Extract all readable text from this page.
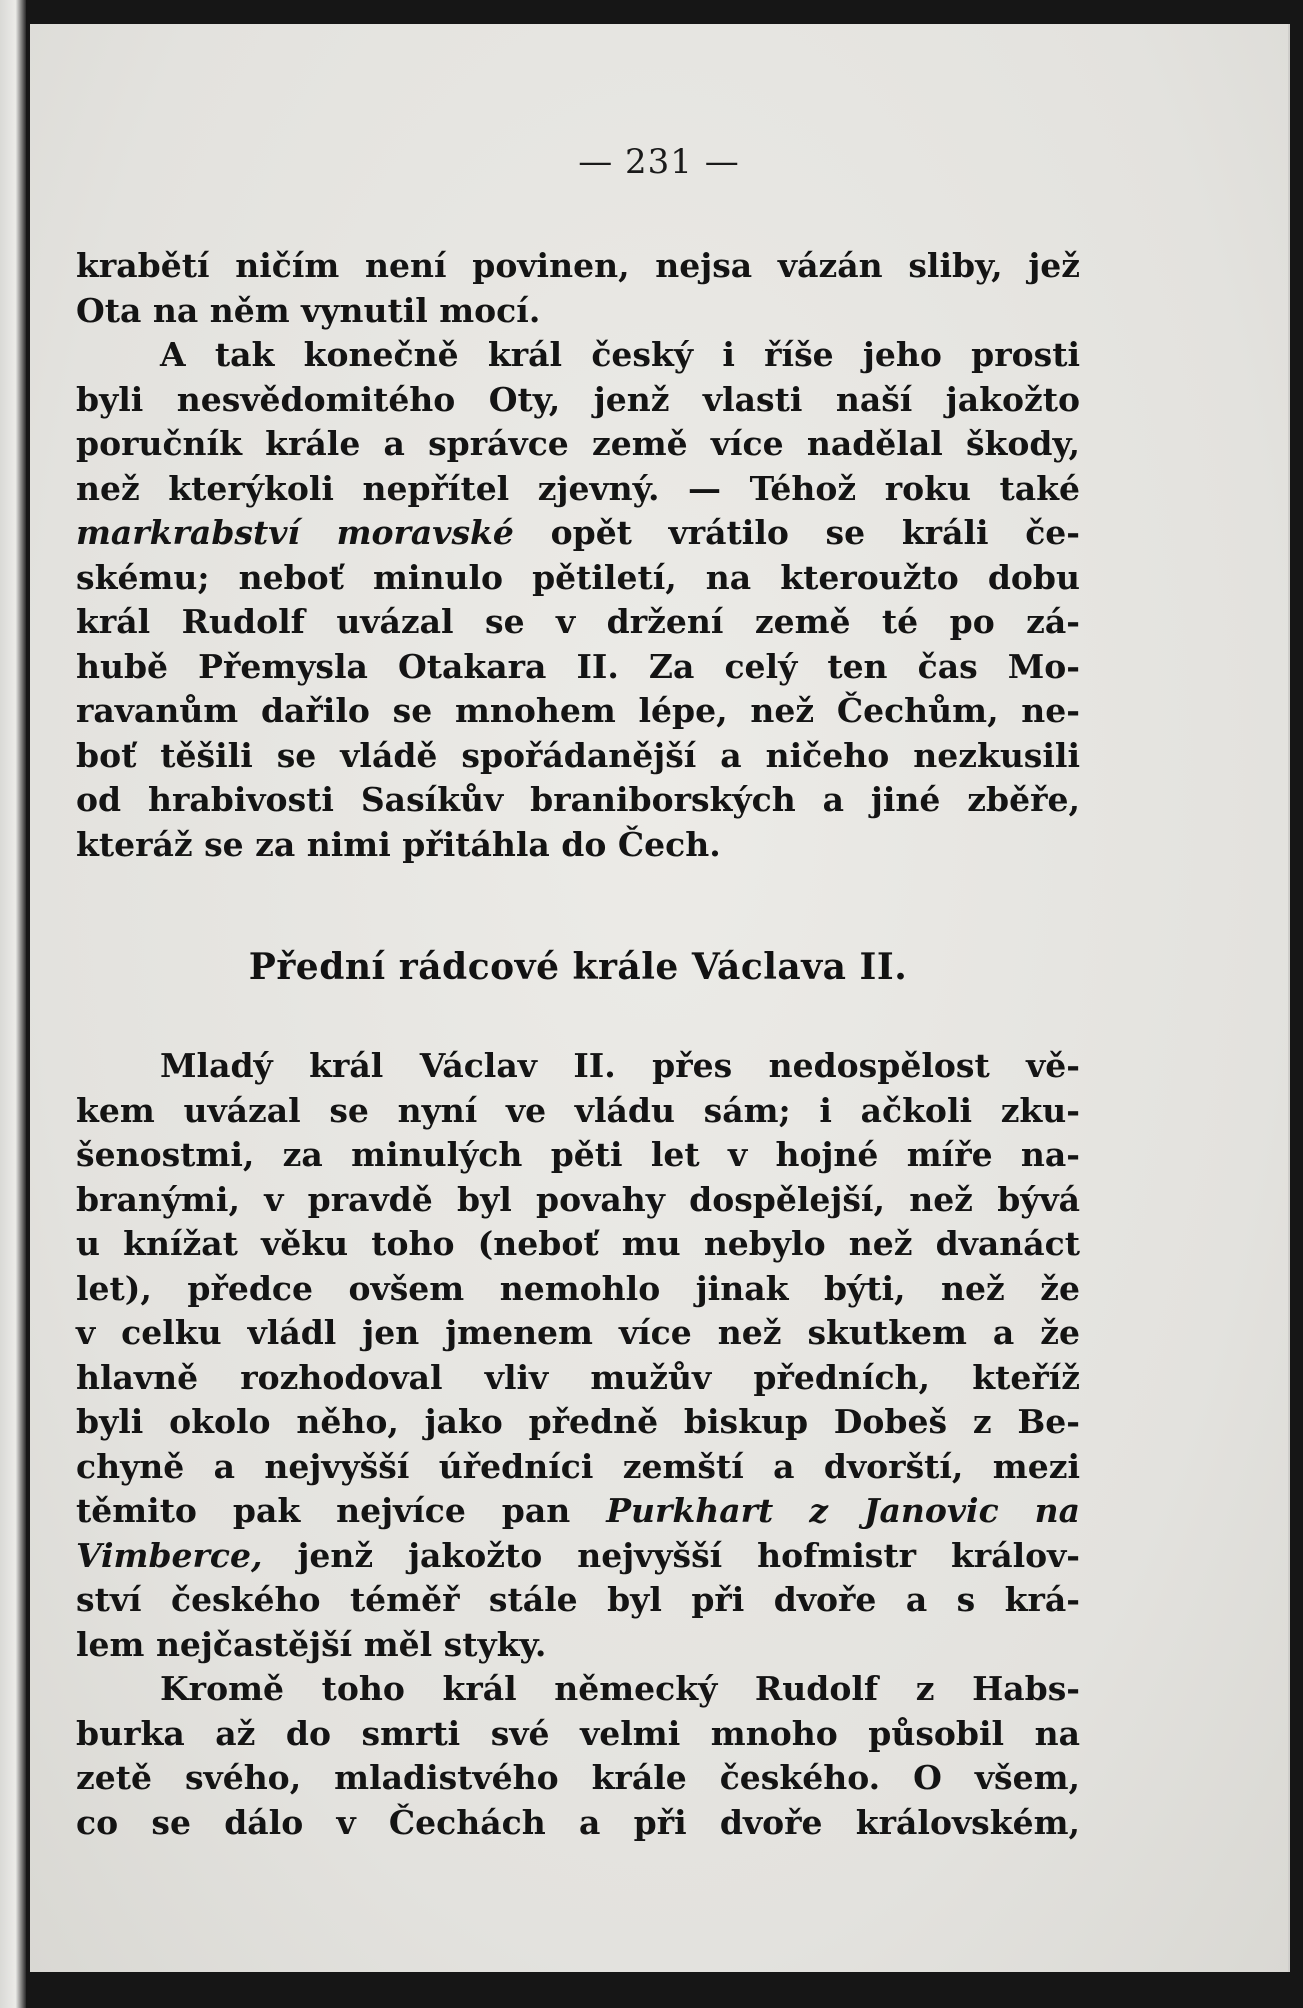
— 231 —
krabětí ničím není povinen, nejsa vázán sliby, jež
Ota na něm vynutil mocí.
A tak konečně král český i říše jeho prosti
byli nesvědomitého Oty, jenž vlasti naší jakožto
poručník krále a správce země více nadělal škody,
než kterýkoli nepřítel zjevný. — Téhož roku také
markrabství moravské opět vrátilo se králi če-
skému; neboť minulo pětiletí, na kteroužto dobu
král Rudolf uvázal se v držení země té po zá-
hubě Přemysla Otakara II. Za celý ten čas Mo-
ravanům dařilo se mnohem lépe, než Čechům, ne-
boť těšili se vládě spořádanější a ničeho nezkusili
od hrabivosti Sasíkův braniborských a jiné zběře,
kteráž se za nimi přitáhla do Čech.
Přední rádcové krále Václava II.
Mladý král Václav II. přes nedospělost vě-
kem uvázal se nyní ve vládu sám; i ačkoli zku-
šenostmi, za minulých pěti let v hojné míře na-
branými, v pravdě byl povahy dospělejší, než bývá
u knížat věku toho (neboť mu nebylo než dvanáct
let), předce ovšem nemohlo jinak býti, než že
v celku vládl jen jmenem více než skutkem a že
hlavně rozhodoval vliv mužův předních, kteříž
byli okolo něho, jako předně biskup Dobeš z Be-
chyně a nejvyšší úředníci zemští a dvorští, mezi
těmito pak nejvíce pan Purkhart z Janovic na
Vimberce, jenž jakožto nejvyšší hofmistr králov-
ství českého téměř stále byl při dvoře a s krá-
lem nejčastější měl styky.
Kromě toho král německý Rudolf z Habs-
burka až do smrti své velmi mnoho působil na
zetě svého, mladistvého krále českého. O všem,
co se dálo v Čechách a při dvoře královském,
